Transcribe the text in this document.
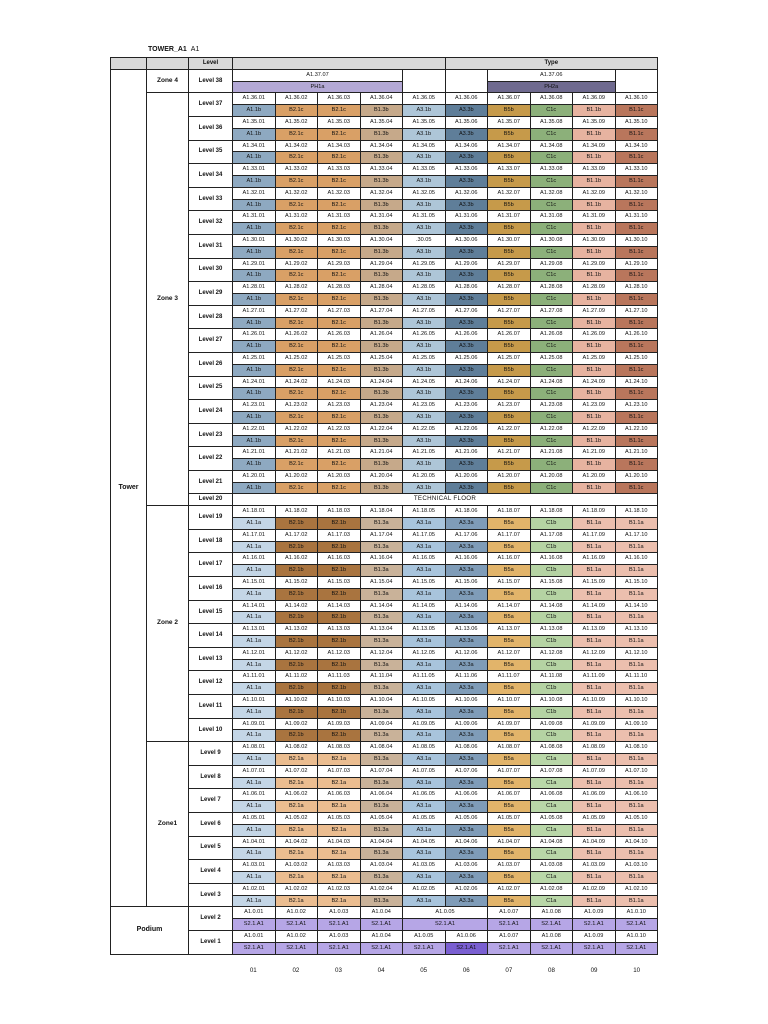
TOWER_A1 A1
		Level						Type				
Tower	Zone 4	Level 38	A1.37.07						A1.37.06			
			PH1a						PH2a			
	Zone 3	Level 37	A1.36.01	A1.36.02	A1.36.03	A1.36.04	A1.36.05	A1.36.06	A1.36.07	A1.36.08	A1.36.09	A1.36.10
			A1.1b	B2.1c	B2.1c	B1.3b	A3.1b	A3.3b	B5b	C1c	B1.1b	B1.1c
		Level 36	A1.35.01	A1.35.02	A1.35.03	A1.35.04	A1.35.05	A1.35.06	A1.35.07	A1.35.08	A1.35.09	A1.35.10
			A1.1b	B2.1c	B2.1c	B1.3b	A3.1b	A3.3b	B5b	C1c	B1.1b	B1.1c
		Level 35	A1.34.01	A1.34.02	A1.34.03	A1.34.04	A1.34.05	A1.34.06	A1.34.07	A1.34.08	A1.34.09	A1.34.10
			A1.1b	B2.1c	B2.1c	B1.3b	A3.1b	A3.3b	B5b	C1c	B1.1b	B1.1c
		Level 34	A1.33.01	A1.33.02	A1.33.03	A1.33.04	A1.33.05	A1.33.06	A1.33.07	A1.33.08	A1.33.09	A1.33.10
			A1.1b	B2.1c	B2.1c	B1.3b	A3.1b	A3.3b	B5b	C1c	B1.1b	B1.1c
		Level 33	A1.32.01	A1.32.02	A1.32.03	A1.32.04	A1.32.05	A1.32.06	A1.32.07	A1.32.08	A1.32.09	A1.32.10
			A1.1b	B2.1c	B2.1c	B1.3b	A3.1b	A3.3b	B5b	C1c	B1.1b	B1.1c
		Level 32	A1.31.01	A1.31.02	A1.31.03	A1.31.04	A1.31.05	A1.31.06	A1.31.07	A1.31.08	A1.31.09	A1.31.10
			A1.1b	B2.1c	B2.1c	B1.3b	A3.1b	A3.3b	B5b	C1c	B1.1b	B1.1c
		Level 31	A1.30.01	A1.30.02	A1.30.03	A1.30.04	.30.05	A1.30.06	A1.30.07	A1.30.08	A1.30.09	A1.30.10
			A1.1b	B2.1c	B2.1c	B1.3b	A3.1b	A3.3b	B5b	C1c	B1.1b	B1.1c
		Level 30	A1.29.01	A1.29.02	A1.29.03	A1.29.04	A1.29.05	A1.29.06	A1.29.07	A1.29.08	A1.29.09	A1.29.10
			A1.1b	B2.1c	B2.1c	B1.3b	A3.1b	A3.3b	B5b	C1c	B1.1b	B1.1c
		Level 29	A1.28.01	A1.28.02	A1.28.03	A1.28.04	A1.28.05	A1.28.06	A1.28.07	A1.28.08	A1.28.09	A1.28.10
			A1.1b	B2.1c	B2.1c	B1.3b	A3.1b	A3.3b	B5b	C1c	B1.1b	B1.1c
		Level 28	A1.27.01	A1.27.02	A1.27.03	A1.27.04	A1.27.05	A1.27.06	A1.27.07	A1.27.08	A1.27.09	A1.27.10
			A1.1b	B2.1c	B2.1c	B1.3b	A3.1b	A3.3b	B5b	C1c	B1.1b	B1.1c
		Level 27	A1.26.01	A1.26.02	A1.26.03	A1.26.04	A1.26.05	A1.26.06	A1.26.07	A1.26.08	A1.26.09	A1.26.10
			A1.1b	B2.1c	B2.1c	B1.3b	A3.1b	A3.3b	B5b	C1c	B1.1b	B1.1c
		Level 26	A1.25.01	A1.25.02	A1.25.03	A1.25.04	A1.25.05	A1.25.06	A1.25.07	A1.25.08	A1.25.09	A1.25.10
			A1.1b	B2.1c	B2.1c	B1.3b	A3.1b	A3.3b	B5b	C1c	B1.1b	B1.1c
		Level 25	A1.24.01	A1.24.02	A1.24.03	A1.24.04	A1.24.05	A1.24.06	A1.24.07	A1.24.08	A1.24.09	A1.24.10
			A1.1b	B2.1c	B2.1c	B1.3b	A3.1b	A3.3b	B5b	C1c	B1.1b	B1.1c
		Level 24	A1.23.01	A1.23.02	A1.23.03	A1.23.04	A1.23.05	A1.23.06	A1.23.07	A1.23.08	A1.23.09	A1.23.10
			A1.1b	B2.1c	B2.1c	B1.3b	A3.1b	A3.3b	B5b	C1c	B1.1b	B1.1c
		Level 23	A1.22.01	A1.22.02	A1.22.03	A1.22.04	A1.22.05	A1.22.06	A1.22.07	A1.22.08	A1.22.09	A1.22.10
			A1.1b	B2.1c	B2.1c	B1.3b	A3.1b	A3.3b	B5b	C1c	B1.1b	B1.1c
		Level 22	A1.21.01	A1.21.02	A1.21.03	A1.21.04	A1.21.05	A1.21.06	A1.21.07	A1.21.08	A1.21.09	A1.21.10
			A1.1b	B2.1c	B2.1c	B1.3b	A3.1b	A3.3b	B5b	C1c	B1.1b	B1.1c
		Level 21	A1.20.01	A1.20.02	A1.20.03	A1.20.04	A1.20.05	A1.20.06	A1.20.07	A1.20.08	A1.20.09	A1.20.10
			A1.1b	B2.1c	B2.1c	B1.3b	A3.1b	A3.3b	B5b	C1c	B1.1b	B1.1c
		Level 20	TECHNICAL FLOOR									
	Zone 2	Level 19	A1.18.01	A1.18.02	A1.18.03	A1.18.04	A1.18.05	A1.18.06	A1.18.07	A1.18.08	A1.18.09	A1.18.10
			A1.1a	B2.1b	B2.1b	B1.3a	A3.1a	A3.3a	B5a	C1b	B1.1a	B1.1a
		Level 18	A1.17.01	A1.17.02	A1.17.03	A1.17.04	A1.17.05	A1.17.06	A1.17.07	A1.17.08	A1.17.09	A1.17.10
			A1.1a	B2.1b	B2.1b	B1.3a	A3.1a	A3.3a	B5a	C1b	B1.1a	B1.1a
		Level 17	A1.16.01	A1.16.02	A1.16.03	A1.16.04	A1.16.05	A1.16.06	A1.16.07	A1.16.08	A1.16.09	A1.16.10
			A1.1a	B2.1b	B2.1b	B1.3a	A3.1a	A3.3a	B5a	C1b	B1.1a	B1.1a
		Level 16	A1.15.01	A1.15.02	A1.15.03	A1.15.04	A1.15.05	A1.15.06	A1.15.07	A1.15.08	A1.15.09	A1.15.10
			A1.1a	B2.1b	B2.1b	B1.3a	A3.1a	A3.3a	B5a	C1b	B1.1a	B1.1a
		Level 15	A1.14.01	A1.14.02	A1.14.03	A1.14.04	A1.14.05	A1.14.06	A1.14.07	A1.14.08	A1.14.09	A1.14.10
			A1.1a	B2.1b	B2.1b	B1.3a	A3.1a	A3.3a	B5a	C1b	B1.1a	B1.1a
		Level 14	A1.13.01	A1.13.02	A1.13.03	A1.13.04	A1.13.05	A1.13.06	A1.13.07	A1.13.08	A1.13.09	A1.13.10
			A1.1a	B2.1b	B2.1b	B1.3a	A3.1a	A3.3a	B5a	C1b	B1.1a	B1.1a
		Level 13	A1.12.01	A1.12.02	A1.12.03	A1.12.04	A1.12.05	A1.12.06	A1.12.07	A1.12.08	A1.12.09	A1.12.10
			A1.1a	B2.1b	B2.1b	B1.3a	A3.1a	A3.3a	B5a	C1b	B1.1a	B1.1a
		Level 12	A1.11.01	A1.11.02	A1.11.03	A1.11.04	A1.11.05	A1.11.06	A1.11.07	A1.11.08	A1.11.09	A1.11.10
			A1.1a	B2.1b	B2.1b	B1.3a	A3.1a	A3.3a	B5a	C1b	B1.1a	B1.1a
		Level 11	A1.10.01	A1.10.02	A1.10.03	A1.10.04	A1.10.05	A1.10.06	A1.10.07	A1.10.08	A1.10.09	A1.10.10
			A1.1a	B2.1b	B2.1b	B1.3a	A3.1a	A3.3a	B5a	C1b	B1.1a	B1.1a
		Level 10	A1.09.01	A1.09.02	A1.09.03	A1.09.04	A1.09.05	A1.09.06	A1.09.07	A1.09.08	A1.09.09	A1.09.10
			A1.1a	B2.1b	B2.1b	B1.3a	A3.1a	A3.3a	B5a	C1b	B1.1a	B1.1a
	Zone1	Level 9	A1.08.01	A1.08.02	A1.08.03	A1.08.04	A1.08.05	A1.08.06	A1.08.07	A1.08.08	A1.08.09	A1.08.10
			A1.1a	B2.1a	B2.1a	B1.3a	A3.1a	A3.3a	B5a	C1a	B1.1a	B1.1a
		Level 8	A1.07.01	A1.07.02	A1.07.03	A1.07.04	A1.07.05	A1.07.06	A1.07.07	A1.07.08	A1.07.09	A1.07.10
			A1.1a	B2.1a	B2.1a	B1.3a	A3.1a	A3.3a	B5a	C1a	B1.1a	B1.1a
		Level 7	A1.06.01	A1.06.02	A1.06.03	A1.06.04	A1.06.05	A1.06.06	A1.06.07	A1.06.08	A1.06.09	A1.06.10
			A1.1a	B2.1a	B2.1a	B1.3a	A3.1a	A3.3a	B5a	C1a	B1.1a	B1.1a
		Level 6	A1.05.01	A1.05.02	A1.05.03	A1.05.04	A1.05.05	A1.05.06	A1.05.07	A1.05.08	A1.05.09	A1.05.10
			A1.1a	B2.1a	B2.1a	B1.3a	A3.1a	A3.3a	B5a	C1a	B1.1a	B1.1a
		Level 5	A1.04.01	A1.04.02	A1.04.03	A1.04.04	A1.04.05	A1.04.06	A1.04.07	A1.04.08	A1.04.09	A1.04.10
			A1.1a	B2.1a	B2.1a	B1.3a	A3.1a	A3.3a	B5a	C1a	B1.1a	B1.1a
		Level 4	A1.03.01	A1.03.02	A1.03.03	A1.03.04	A1.03.05	A1.03.06	A1.03.07	A1.03.08	A1.03.09	A1.03.10
			A1.1a	B2.1a	B2.1a	B1.3a	A3.1a	A3.3a	B5a	C1a	B1.1a	B1.1a
		Level 3	A1.02.01	A1.02.02	A1.02.03	A1.02.04	A1.02.05	A1.02.06	A1.02.07	A1.02.08	A1.02.09	A1.02.10
			A1.1a	B2.1a	B2.1a	B1.3a	A3.1a	A3.3a	B5a	C1a	B1.1a	B1.1a
Podium		Level 2	A1.0.01	A1.0.02	A1.0.03	A1.0.04	A1.0.05		A1.0.07	A1.0.08	A1.0.09	A1.0.10
			S2.1.A1	S2.1.A1	S2.1.A1	S2.1.A1	S2.1.A1		S2.1.A1	S2.1.A1	S2.1.A1	S2.1.A1
		Level 1	A1.0.01	A1.0.02	A1.0.03	A1.0.04	A1.0.05	A1.0.06	A1.0.07	A1.0.08	A1.0.09	A1.0.10
			S2.1.A1	S2.1.A1	S2.1.A1	S2.1.A1	S2.1.A1	S2.1.A1	S2.1.A1	S2.1.A1	S2.1.A1	S2.1.A1
01	02	03	04	05	06	07	08	09	10
